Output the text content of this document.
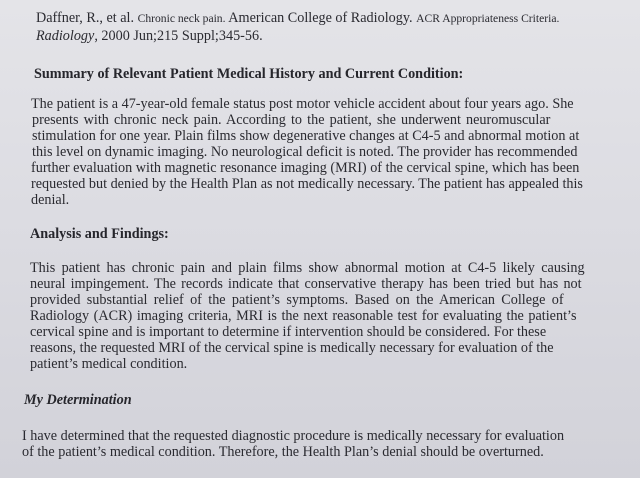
Daffner, R., et al. Chronic neck pain. American College of Radiology. ACR Appropriateness Criteria.
Radiology, 2000 Jun;215 Suppl;345-56.
Summary of Relevant Patient Medical History and Current Condition:
The patient is a 47-year-old female status post motor vehicle accident about four years ago. She
presents with chronic neck pain. According to the patient, she underwent neuromuscular
stimulation for one year. Plain films show degenerative changes at C4-5 and abnormal motion at
this level on dynamic imaging. No neurological deficit is noted. The provider has recommended
further evaluation with magnetic resonance imaging (MRI) of the cervical spine, which has been
requested but denied by the Health Plan as not medically necessary. The patient has appealed this
denial.
Analysis and Findings:
This patient has chronic pain and plain films show abnormal motion at C4-5 likely causing
neural impingement. The records indicate that conservative therapy has been tried but has not
provided substantial relief of the patient’s symptoms. Based on the American College of
Radiology (ACR) imaging criteria, MRI is the next reasonable test for evaluating the patient’s
cervical spine and is important to determine if intervention should be considered. For these
reasons, the requested MRI of the cervical spine is medically necessary for evaluation of the
patient’s medical condition.
My Determination
I have determined that the requested diagnostic procedure is medically necessary for evaluation
of the patient’s medical condition. Therefore, the Health Plan’s denial should be overturned.
